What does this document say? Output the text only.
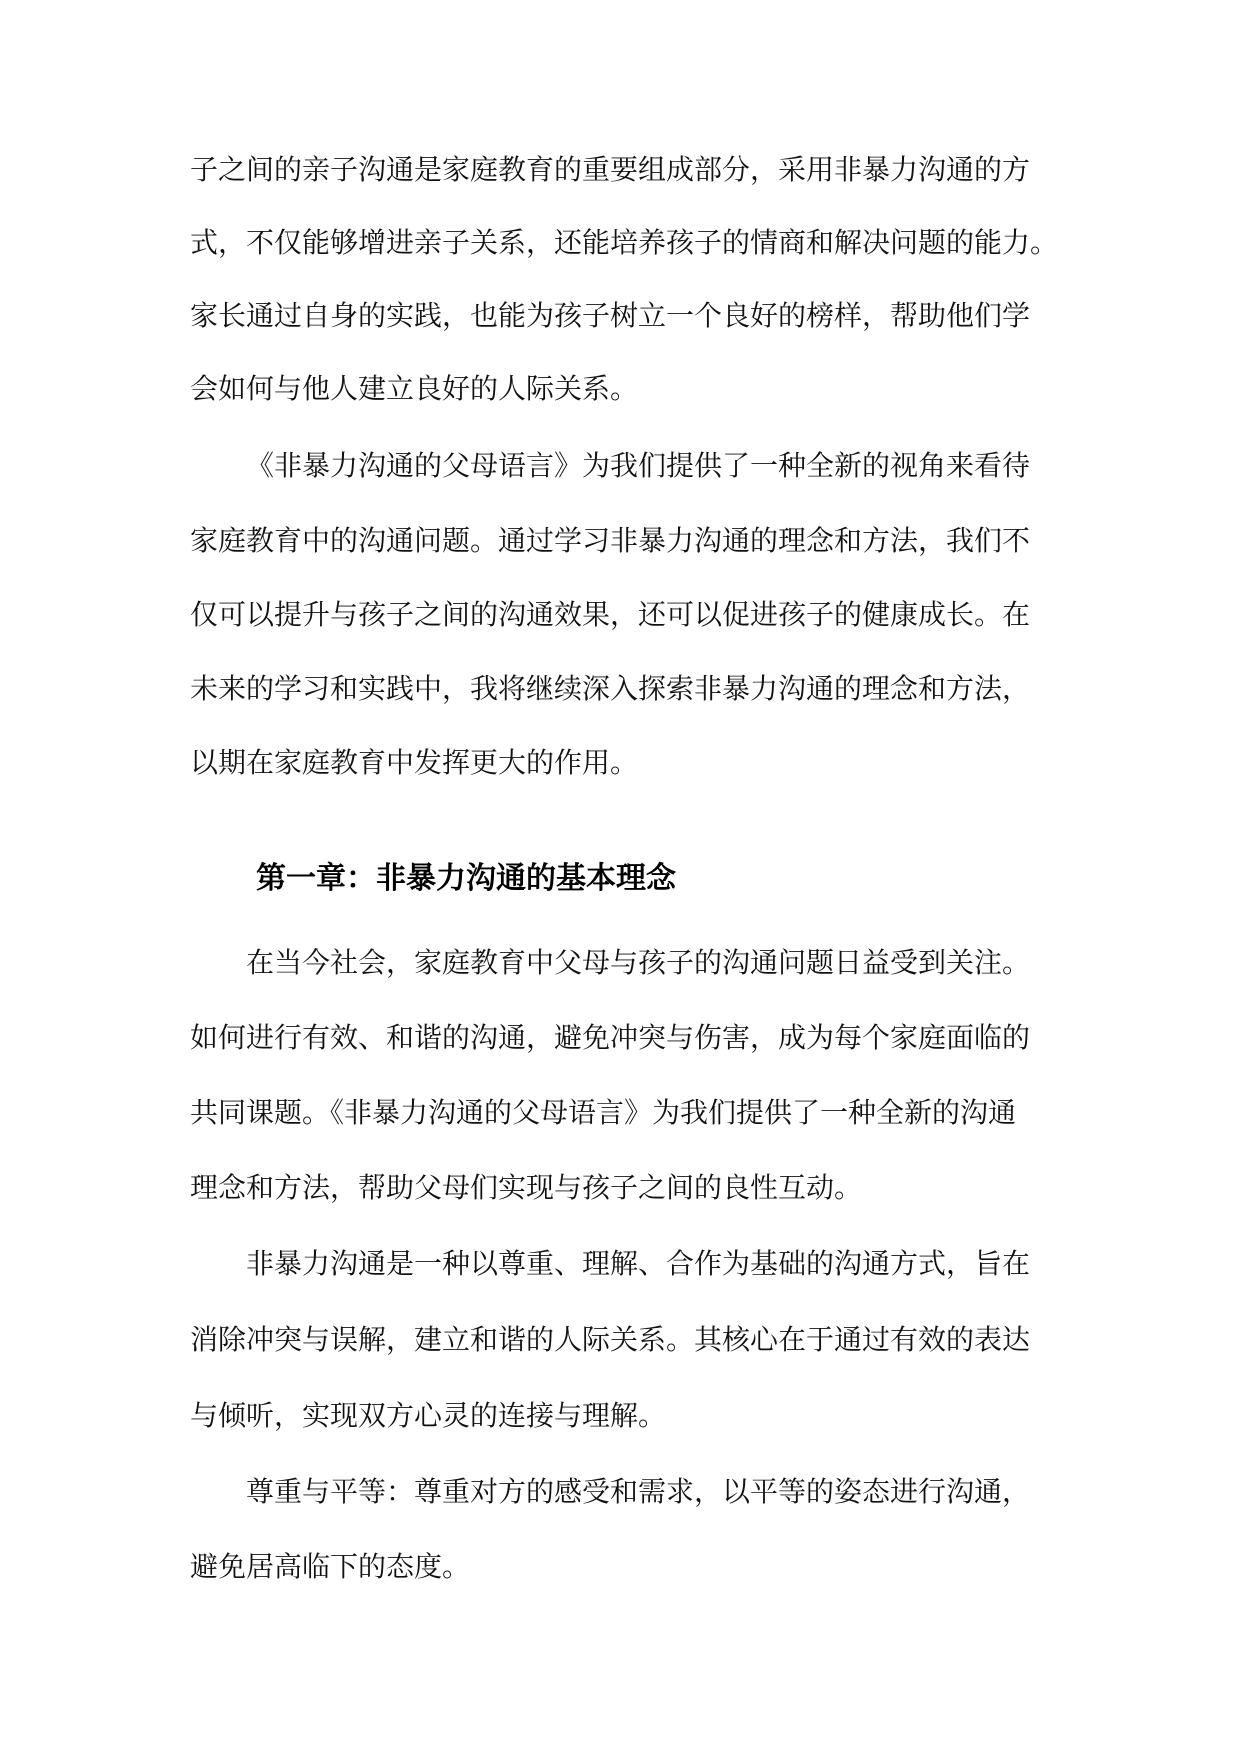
子之间的亲子沟通是家庭教育的重要组成部分，采用非暴力沟通的方

式，不仅能够增进亲子关系，还能培养孩子的情商和解决问题的能力。

家长通过自身的实践，也能为孩子树立一个良好的榜样，帮助他们学

会如何与他人建立良好的人际关系。

《非暴力沟通的父母语言》为我们提供了一种全新的视角来看待

家庭教育中的沟通问题。通过学习非暴力沟通的理念和方法，我们不

仅可以提升与孩子之间的沟通效果，还可以促进孩子的健康成长。在

未来的学习和实践中，我将继续深入探索非暴力沟通的理念和方法，

以期在家庭教育中发挥更大的作用。

第一章：非暴力沟通的基本理念

在当今社会，家庭教育中父母与孩子的沟通问题日益受到关注。

如何进行有效、和谐的沟通，避免冲突与伤害，成为每个家庭面临的

共同课题。《非暴力沟通的父母语言》为我们提供了一种全新的沟通

理念和方法，帮助父母们实现与孩子之间的良性互动。

非暴力沟通是一种以尊重、理解、合作为基础的沟通方式，旨在

消除冲突与误解，建立和谐的人际关系。其核心在于通过有效的表达

与倾听，实现双方心灵的连接与理解。

尊重与平等：尊重对方的感受和需求，以平等的姿态进行沟通，

避免居高临下的态度。
